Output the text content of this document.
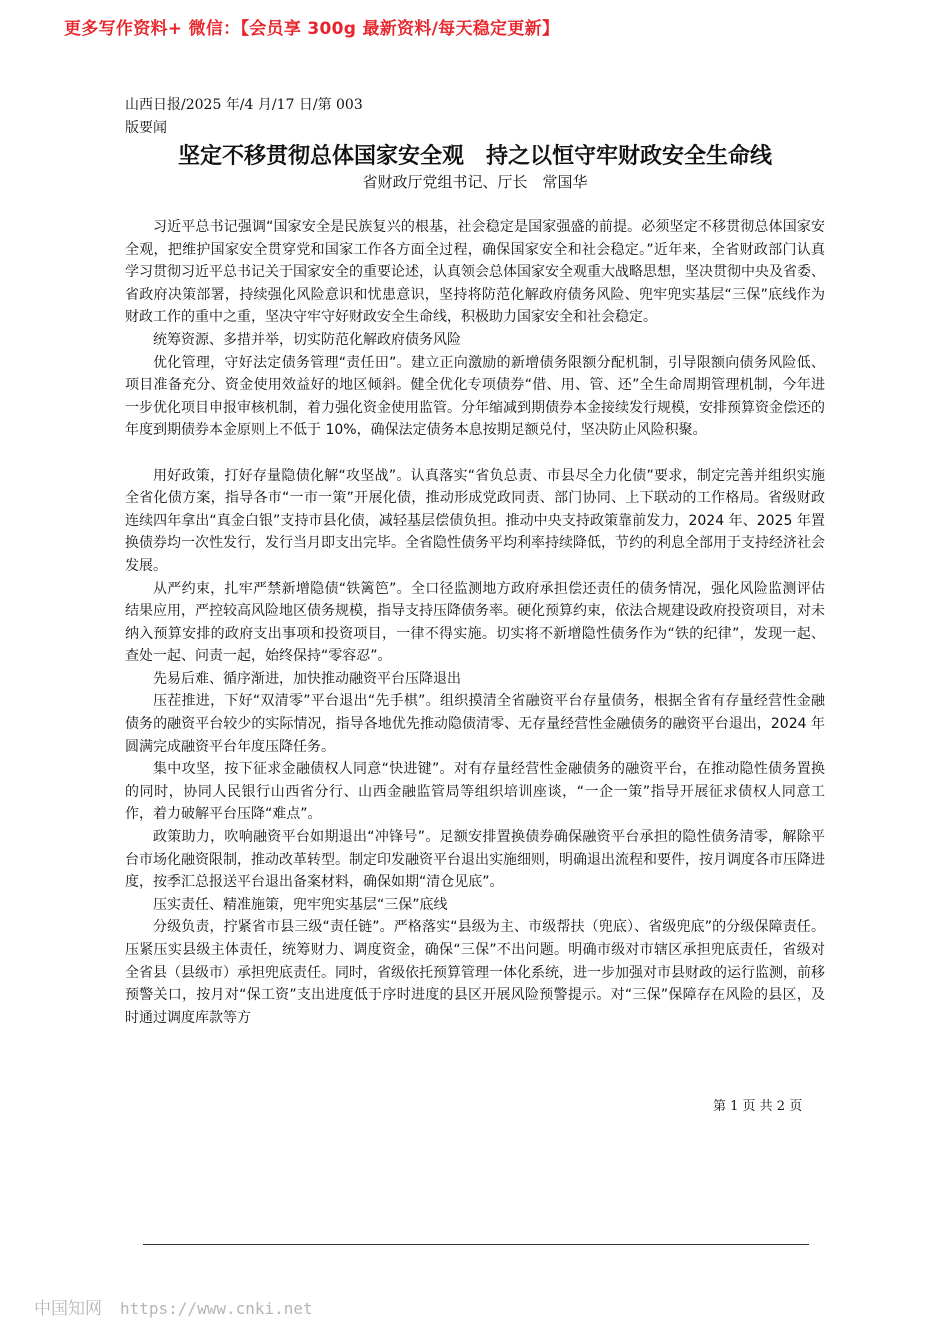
更多写作资料+ 微信：【会员享 300g 最新资料/每天稳定更新】
山西日报/2025 年/4 月/17 日/第 003
版要闻
坚定不移贯彻总体国家安全观　持之以恒守牢财政安全生命线
省财政厅党组书记、厅长　常国华

习近平总书记强调“国家安全是民族复兴的根基，社会稳定是国家强盛的前提。必须坚定不移贯彻总体国家安全观，把维护国家安全贯穿党和国家工作各方面全过程，确保国家安全和社会稳定。”近年来，全省财政部门认真学习贯彻习近平总书记关于国家安全的重要论述，认真领会总体国家安全观重大战略思想，坚决贯彻中央及省委、省政府决策部署，持续强化风险意识和忧患意识，坚持将防范化解政府债务风险、兜牢兜实基层“三保”底线作为财政工作的重中之重，坚决守牢守好财政安全生命线，积极助力国家安全和社会稳定。

统筹资源、多措并举，切实防范化解政府债务风险

优化管理，守好法定债务管理“责任田”。建立正向激励的新增债务限额分配机制，引导限额向债务风险低、项目准备充分、资金使用效益好的地区倾斜。健全优化专项债券“借、用、管、还”全生命周期管理机制，今年进一步优化项目申报审核机制，着力强化资金使用监管。分年缩减到期债券本金接续发行规模，安排预算资金偿还的年度到期债券本金原则上不低于 10%，确保法定债务本息按期足额兑付，坚决防止风险积聚。

用好政策，打好存量隐债化解“攻坚战”。认真落实“省负总责、市县尽全力化债”要求，制定完善并组织实施全省化债方案，指导各市“一市一策”开展化债，推动形成党政同责、部门协同、上下联动的工作格局。省级财政连续四年拿出“真金白银”支持市县化债，减轻基层偿债负担。推动中央支持政策靠前发力，2024 年、2025 年置换债券均一次性发行，发行当月即支出完毕。全省隐性债务平均利率持续降低，节约的利息全部用于支持经济社会发展。

从严约束，扎牢严禁新增隐债“铁篱笆”。全口径监测地方政府承担偿还责任的债务情况，强化风险监测评估结果应用，严控较高风险地区债务规模，指导支持压降债务率。硬化预算约束，依法合规建设政府投资项目，对未纳入预算安排的政府支出事项和投资项目，一律不得实施。切实将不新增隐性债务作为“铁的纪律”，发现一起、查处一起、问责一起，始终保持“零容忍”。

先易后难、循序渐进，加快推动融资平台压降退出

压茬推进，下好“双清零”平台退出“先手棋”。组织摸清全省融资平台存量债务，根据全省有存量经营性金融债务的融资平台较少的实际情况，指导各地优先推动隐债清零、无存量经营性金融债务的融资平台退出，2024 年圆满完成融资平台年度压降任务。

集中攻坚，按下征求金融债权人同意“快进键”。对有存量经营性金融债务的融资平台，在推动隐性债务置换的同时，协同人民银行山西省分行、山西金融监管局等组织培训座谈，“一企一策”指导开展征求债权人同意工作，着力破解平台压降“难点”。

政策助力，吹响融资平台如期退出“冲锋号”。足额安排置换债券确保融资平台承担的隐性债务清零，解除平台市场化融资限制，推动改革转型。制定印发融资平台退出实施细则，明确退出流程和要件，按月调度各市压降进度，按季汇总报送平台退出备案材料，确保如期“清仓见底”。

压实责任、精准施策，兜牢兜实基层“三保”底线

分级负责，拧紧省市县三级“责任链”。严格落实“县级为主、市级帮扶（兜底）、省级兜底”的分级保障责任。压紧压实县级主体责任，统筹财力、调度资金，确保“三保”不出问题。明确市级对市辖区承担兜底责任，省级对全省县（县级市）承担兜底责任。同时，省级依托预算管理一体化系统，进一步加强对市县财政的运行监测，前移预警关口，按月对“保工资”支出进度低于序时进度的县区开展风险预警提示。对“三保”保障存在风险的县区，及时通过调度库款等方

第 1 页 共 2 页
中国知网 https://www.cnki.net
